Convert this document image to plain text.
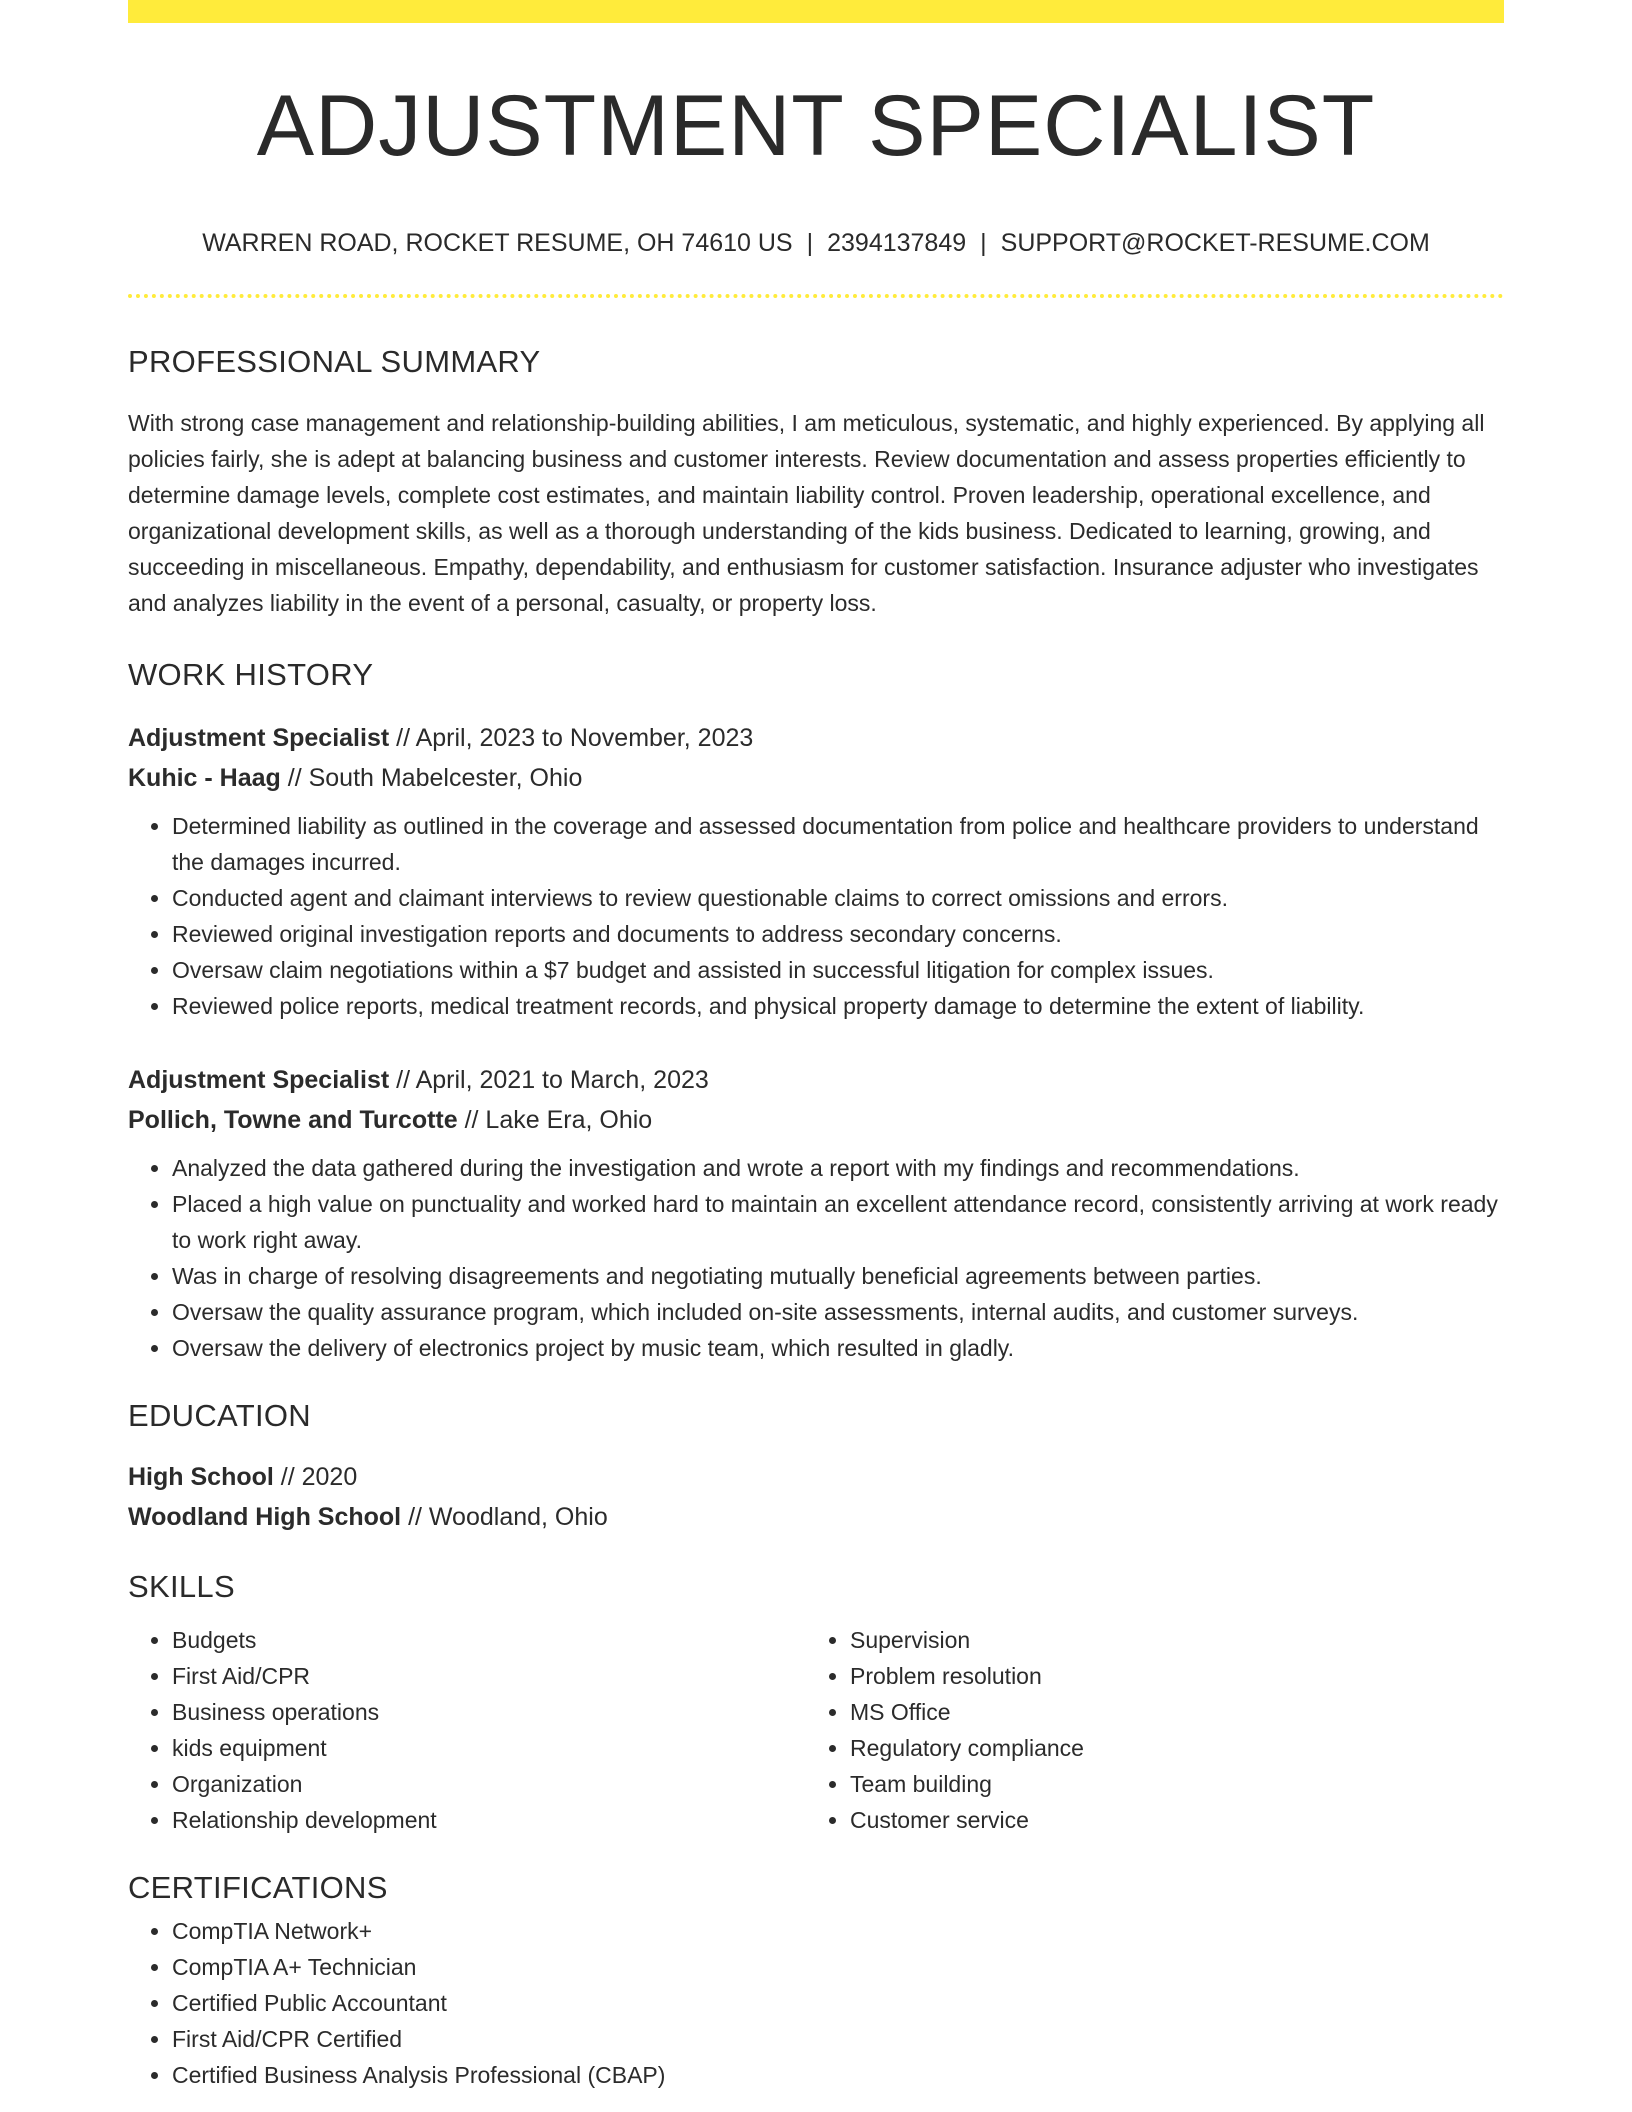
ADJUSTMENT SPECIALIST
WARREN ROAD, ROCKET RESUME, OH 74610 US | 2394137849 | SUPPORT@ROCKET-RESUME.COM
PROFESSIONAL SUMMARY

With strong case management and relationship-building abilities, I am meticulous, systematic, and highly experienced. By applying all policies fairly, she is adept at balancing business and customer interests. Review documentation and assess properties efficiently to determine damage levels, complete cost estimates, and maintain liability control. Proven leadership, operational excellence, and organizational development skills, as well as a thorough understanding of the kids business. Dedicated to learning, growing, and succeeding in miscellaneous. Empathy, dependability, and enthusiasm for customer satisfaction. Insurance adjuster who investigates and analyzes liability in the event of a personal, casualty, or property loss.

WORK HISTORY
Adjustment Specialist // April, 2023 to November, 2023
Kuhic - Haag // South Mabelcester, Ohio
• Determined liability as outlined in the coverage and assessed documentation from police and healthcare providers to understand the damages incurred.
• Conducted agent and claimant interviews to review questionable claims to correct omissions and errors.
• Reviewed original investigation reports and documents to address secondary concerns.
• Oversaw claim negotiations within a $7 budget and assisted in successful litigation for complex issues.
• Reviewed police reports, medical treatment records, and physical property damage to determine the extent of liability.
Adjustment Specialist // April, 2021 to March, 2023
Pollich, Towne and Turcotte // Lake Era, Ohio
• Analyzed the data gathered during the investigation and wrote a report with my findings and recommendations.
• Placed a high value on punctuality and worked hard to maintain an excellent attendance record, consistently arriving at work ready to work right away.
• Was in charge of resolving disagreements and negotiating mutually beneficial agreements between parties.
• Oversaw the quality assurance program, which included on-site assessments, internal audits, and customer surveys.
• Oversaw the delivery of electronics project by music team, which resulted in gladly.
EDUCATION
High School // 2020
Woodland High School // Woodland, Ohio
SKILLS
• Budgets
• First Aid/CPR
• Business operations
• kids equipment
• Organization
• Relationship development
• Supervision
• Problem resolution
• MS Office
• Regulatory compliance
• Team building
• Customer service
CERTIFICATIONS
• CompTIA Network+
• CompTIA A+ Technician
• Certified Public Accountant
• First Aid/CPR Certified
• Certified Business Analysis Professional (CBAP)
